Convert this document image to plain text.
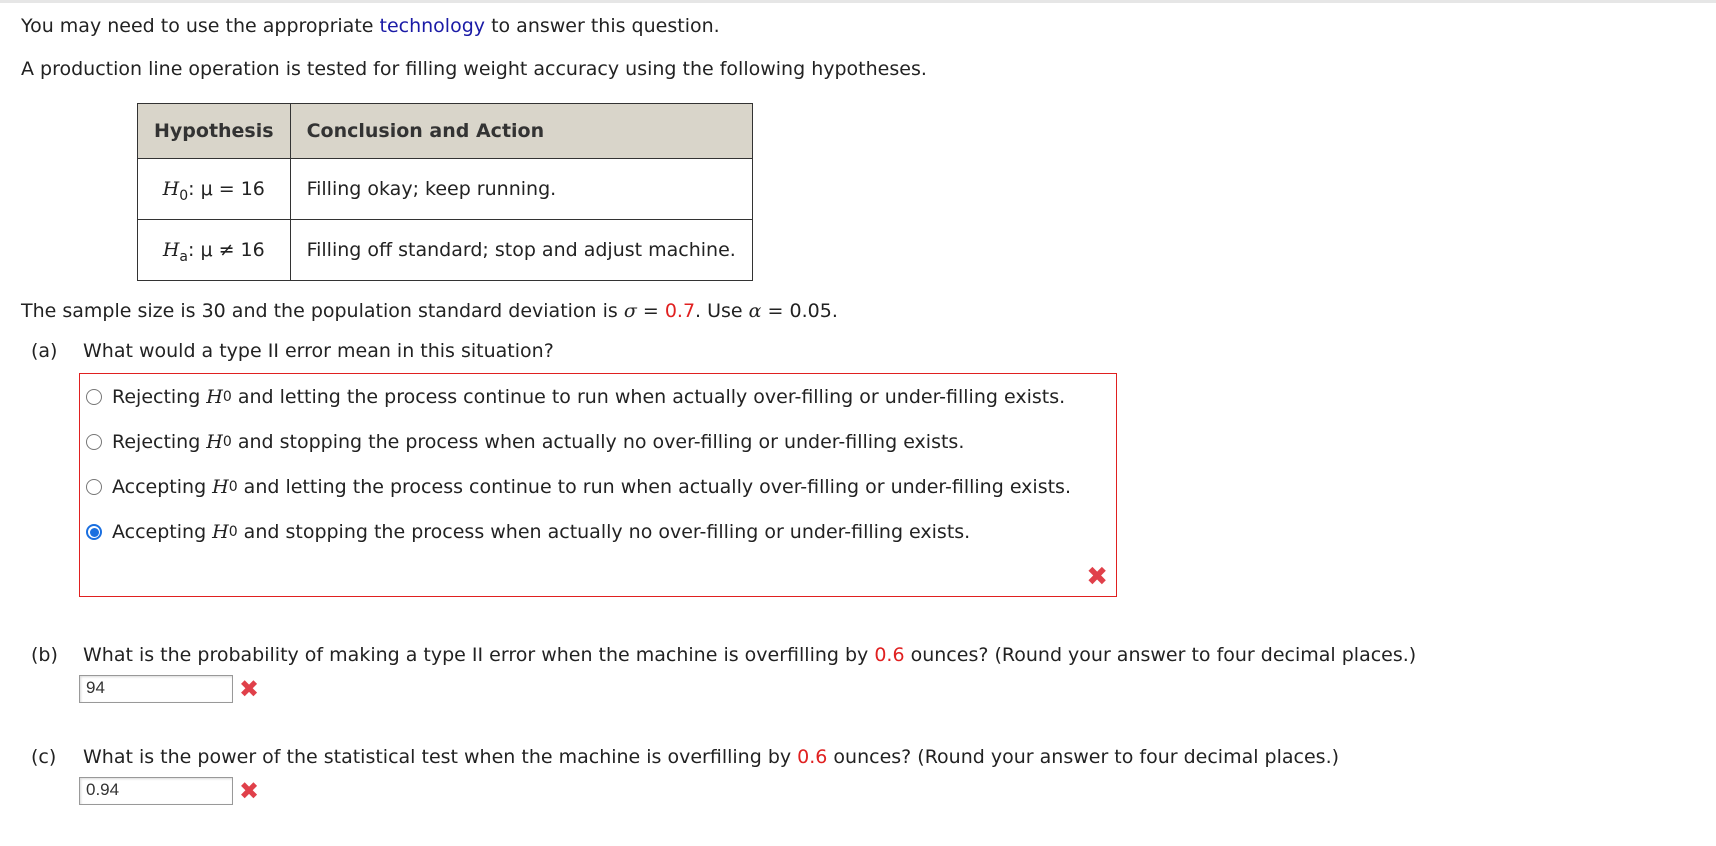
You may need to use the appropriate technology to answer this question.

A production line operation is tested for filling weight accuracy using the following hypotheses.

Hypothesis	Conclusion and Action
$H_0$: μ = 16	Filling okay; keep running.
$H_a$: μ ≠ 16	Filling off standard; stop and adjust machine.

The sample size is 30 and the population standard deviation is σ = 0.7. Use α = 0.05.

(a)	What would a type II error mean in this situation?
Rejecting H 0 and letting the process continue to run when actually over-filling or under-filling exists.
Rejecting H 0 and stopping the process when actually no over-filling or under-filling exists.
Accepting H 0 and letting the process continue to run when actually over-filling or under-filling exists.
Accepting H 0 and stopping the process when actually no over-filling or under-filling exists.
✖
(b)	What is the probability of making a type II error when the machine is overfilling by 0.6 ounces? (Round your answer to four decimal places.)
94	✖
(c)	What is the power of the statistical test when the machine is overfilling by 0.6 ounces? (Round your answer to four decimal places.)
0.94	✖
